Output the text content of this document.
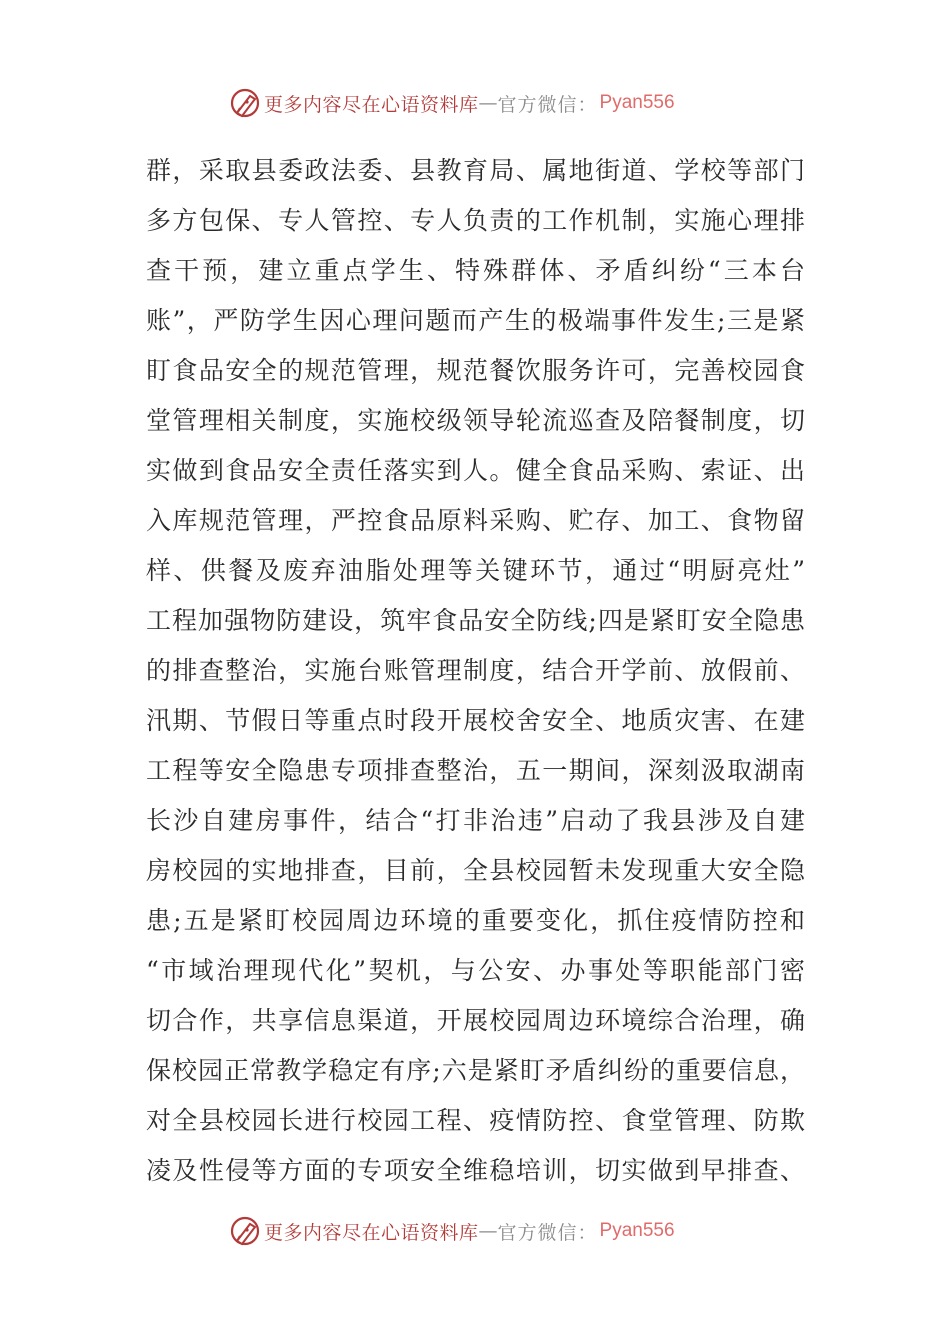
更多内容尽在心语资料库 — 官方微信： Pyan556
群，采取县委政法委、县教育局、属地街道、学校等部门
多方包保、专人管控、专人负责的工作机制，实施心理排
查干预，建立重点学生、特殊群体、矛盾纠纷“三本台
账”，严防学生因心理问题而产生的极端事件发生;三是紧
盯食品安全的规范管理，规范餐饮服务许可，完善校园食
堂管理相关制度，实施校级领导轮流巡查及陪餐制度，切
实做到食品安全责任落实到人。健全食品采购、索证、出
入库规范管理，严控食品原料采购、贮存、加工、食物留
样、供餐及废弃油脂处理等关键环节，通过“明厨亮灶”
工程加强物防建设，筑牢食品安全防线;四是紧盯安全隐患
的排查整治，实施台账管理制度，结合开学前、放假前、
汛期、节假日等重点时段开展校舍安全、地质灾害、在建
工程等安全隐患专项排查整治，五一期间，深刻汲取湖南
长沙自建房事件，结合“打非治违”启动了我县涉及自建
房校园的实地排查，目前，全县校园暂未发现重大安全隐
患;五是紧盯校园周边环境的重要变化，抓住疫情防控和
“市域治理现代化”契机，与公安、办事处等职能部门密
切合作，共享信息渠道，开展校园周边环境综合治理，确
保校园正常教学稳定有序;六是紧盯矛盾纠纷的重要信息，
对全县校园长进行校园工程、疫情防控、食堂管理、防欺
凌及性侵等方面的专项安全维稳培训，切实做到早排查、
更多内容尽在心语资料库 — 官方微信： Pyan556
